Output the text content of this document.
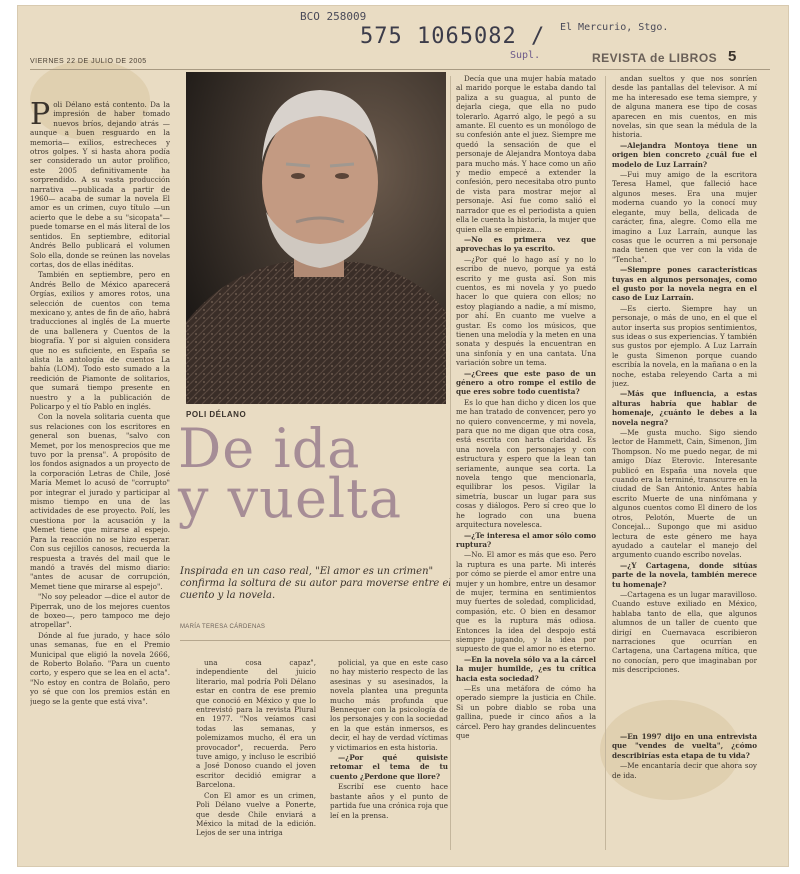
BCO 258009
575 1065082 / El Mercurio, Stgo.
Supl.
VIERNES 22 DE JULIO DE 2005	REVISTA de LIBROS 5

Poli Délano está contento. Da la impresión de haber tomado nuevos bríos, dejando atrás —aunque a buen resguardo en la memoria— exilios, estrecheces y otros golpes. Y si hasta ahora podía ser considerado un autor prolífico, este 2005 definitivamente ha sorprendido. A su vasta producción narrativa —publicada a partir de 1960— acaba de sumar la novela El amor es un crimen, cuyo título —un acierto que le debe a su "sicopata"— puede tomarse en el más literal de los sentidos. En septiembre, editorial Andrés Bello publicará el volumen Solo ella, donde se reúnen las novelas cortas, dos de ellas inéditas.

También en septiembre, pero en Andrés Bello de México aparecerá Orgías, exilios y amores rotos, una selección de cuentos con tema mexicano y, antes de fin de año, habrá traducciones al inglés de La muerte de una ballenera y Cuentos de la biografía. Y por si alguien considera que no es suficiente, en España se alista la antología de cuentos La bahía (LOM). Todo esto sumado a la reedición de Piamonte de solitarios, que sumará tiempo presente en nuestro y a la publicación de Policarpo y el tío Pablo en inglés.

Con la novela solitaria cuenta que sus relaciones con los escritores en general son buenas, "salvo con Memet, por los menosprecios que me tuvo por la prensa". A propósito de los fondos asignados a un proyecto de la corporación Letras de Chile, José María Memet lo acusó de "corrupto" por integrar el jurado y participar al mismo tiempo en una de las actividades de ese proyecto. Polí, les cuestiona por la acusación y la Memet tiene que mirarse al espejo. Para la reacción no se hizo esperar. Con sus cejillos canosos, recuerda la respuesta a través del mail que le mandó a través del mismo diario: "antes de acusar de corrupción, Memet tiene que mirarse al espejo".

"No soy peleador —dice el autor de Piperrak, uno de los mejores cuentos de boxeo—, pero tampoco me dejo atropellar".

Dónde al fue jurado, y hace sólo unas semanas, fue en el Premio Municipal que eligió la novela 2666, de Roberto Bolaño. "Para un cuento corto, y espero que se lea en el acta". "No estoy en contra de Bolaño, pero yo sé que con los premios están en juego se la gente que está viva".

POLI DÉLANO
De ida
y vuelta
Inspirada en un caso real, "El amor es un crimen" confirma la soltura de su autor para moverse entre el cuento y la novela.
MARÍA TERESA CÁRDENAS

una cosa capaz", independiente del juicio literario, mal podría Poli Délano estar en contra de ese premio que conoció en México y que lo entrevistó para la revista Plural en 1977. "Nos veíamos casi todas las semanas, y polemizamos mucho, él era un provocador", recuerda. Pero tuve amigo, y incluso le escribió a José Donoso cuando el joven escritor decidió emigrar a Barcelona.

Con El amor es un crimen, Poli Délano vuelve a Ponerte, que desde Chile enviará a México la mitad de la edición. Lejos de ser una intriga

policial, ya que en este caso no hay misterio respecto de las asesinas y su asesinados, la novela plantea una pregunta mucho más profunda que Bennequer con la psicología de los personajes y con la sociedad en la que están inmersos, es decir, el hay de verdad víctimas y victimarios en esta historia.

—¿Por qué quisiste retomar el tema de tu cuento ¿Perdone que llore?

Escribí ese cuento hace bastante años y el punto de partida fue una crónica roja que leí en la prensa.

Decía que una mujer había matado al marido porque le estaba dando tal paliza a su guagua, al punto de dejarla ciega, que ella no pudo tolerarlo. Agarró algo, le pegó a su amante. El cuento es un monólogo de su confesión ante el juez. Siempre me quedó la sensación de que el personaje de Alejandra Montoya daba para mucho más. Y hace como un año y medio empecé a extender la confesión, pero necesitaba otro punto de vista para mostrar mejor al personaje. Así fue como salió el narrador que es el periodista a quien ella le cuenta la historia, la mujer que quien ella se empieza...

—No es primera vez que aprovechas lo ya escrito.

—¿Por qué lo hago así y no lo escribo de nuevo, porque ya está escrito y me gusta así. Son mis cuentos, es mi novela y yo puedo hacer lo que quiera con ellos; no estoy plagiando a nadie, a mí mismo, por ahí. En cuanto me vuelve a gustar. Es como los músicos, que tienen una melodía y la meten en una sonata y después la encuentran en una sinfonía y en una cantata. Una variación sobre un tema.

—¿Crees que este paso de un género a otro rompe el estilo de que eres sobre todo cuentista?

Es lo que han dicho y dicen los que me han tratado de convencer, pero yo no quiero convencerme, y mi novela, para que no me digan que otra cosa, está escrita con harta claridad. Es una novela con personajes y con estructura y espero que la lean tan seriamente, aunque sea corta. La novela tengo que mencionarla, equilibrar los pesos. Vigilar la simetría, buscar un lugar para sus cosas y diálogos. Pero sí creo que lo he logrado con una buena arquitectura novelesca.

—¿Te interesa el amor sólo como ruptura?

—No. El amor es más que eso. Pero la ruptura es una parte. Mi interés por cómo se pierde el amor entre una mujer y un hombre, entre un desamor de mujer, termina en sentimientos muy fuertes de soledad, complicidad, compasión, etc. O bien en desamor que es la ruptura más odiosa. Entonces la idea del despojo está siempre jugando, y la idea por supuesto de que el amor no es eterno.

—En la novela sólo va a la cárcel la mujer humilde, ¿es tu crítica hacia esta sociedad?

—Es una metáfora de cómo ha operado siempre la justicia en Chile. Si un pobre diablo se roba una gallina, puede ir cinco años a la cárcel. Pero hay grandes delincuentes que

andan sueltos y que nos sonríen desde las pantallas del televisor. A mí me ha interesado ese tema siempre, y de alguna manera ese tipo de cosas aparecen en mis cuentos, en mis novelas, sin que sean la médula de la historia.

—Alejandra Montoya tiene un origen bien concreto ¿cuál fue el modelo de Luz Larraín?

—Fui muy amigo de la escritora Teresa Hamel, que falleció hace algunos meses. Era una mujer moderna cuando yo la conocí muy elegante, muy bella, delicada de carácter, fina, alegre. Como ella me imagino a Luz Larraín, aunque las cosas que le ocurren a mi personaje nada tienen que ver con la vida de "Tencha".

—Siempre pones características tuyas en algunos personajes, como el gusto por la novela negra en el caso de Luz Larraín.

—Es cierto. Siempre hay un personaje, o más de uno, en el que el autor inserta sus propios sentimientos, sus ideas o sus experiencias. Y también sus gustos por ejemplo. A Luz Larraín le gusta Simenon porque cuando escribía la novela, en la mañana o en la noche, estaba releyendo Carta a mi juez.

—Más que influencia, a estas alturas habría que hablar de homenaje, ¿cuánto le debes a la novela negra?

—Me gusta mucho. Sigo siendo lector de Hammett, Cain, Simenon, Jim Thompson. No me puedo negar, de mi amigo Díaz Eterovic. Interesante publicó en España una novela que cuando era la terminé, transcurre en la ciudad de San Antonio. Antes había escrito Muerte de una ninfómana y algunos cuentos como El dinero de los otros, Pelotón, Muerte de un Concejal... Supongo que mi asiduo lectura de este género me haya ayudado a cautelar el manejo del argumento cuando escribo novelas.

—¿Y Cartagena, donde sitúas parte de la novela, también merece tu homenaje?

—Cartagena es un lugar maravilloso. Cuando estuve exiliado en México, hablaba tanto de ella, que algunos alumnos de un taller de cuento que dirigí en Cuernavaca escribieron narraciones que ocurrían en Cartagena, una Cartagena mítica, que no conocían, pero que imaginaban por mis descripciones.

—En 1997 dijo en una entrevista que "vendes de vuelta", ¿cómo describirías esta etapa de tu vida?

—Me encantaría decir que ahora soy de ida.
